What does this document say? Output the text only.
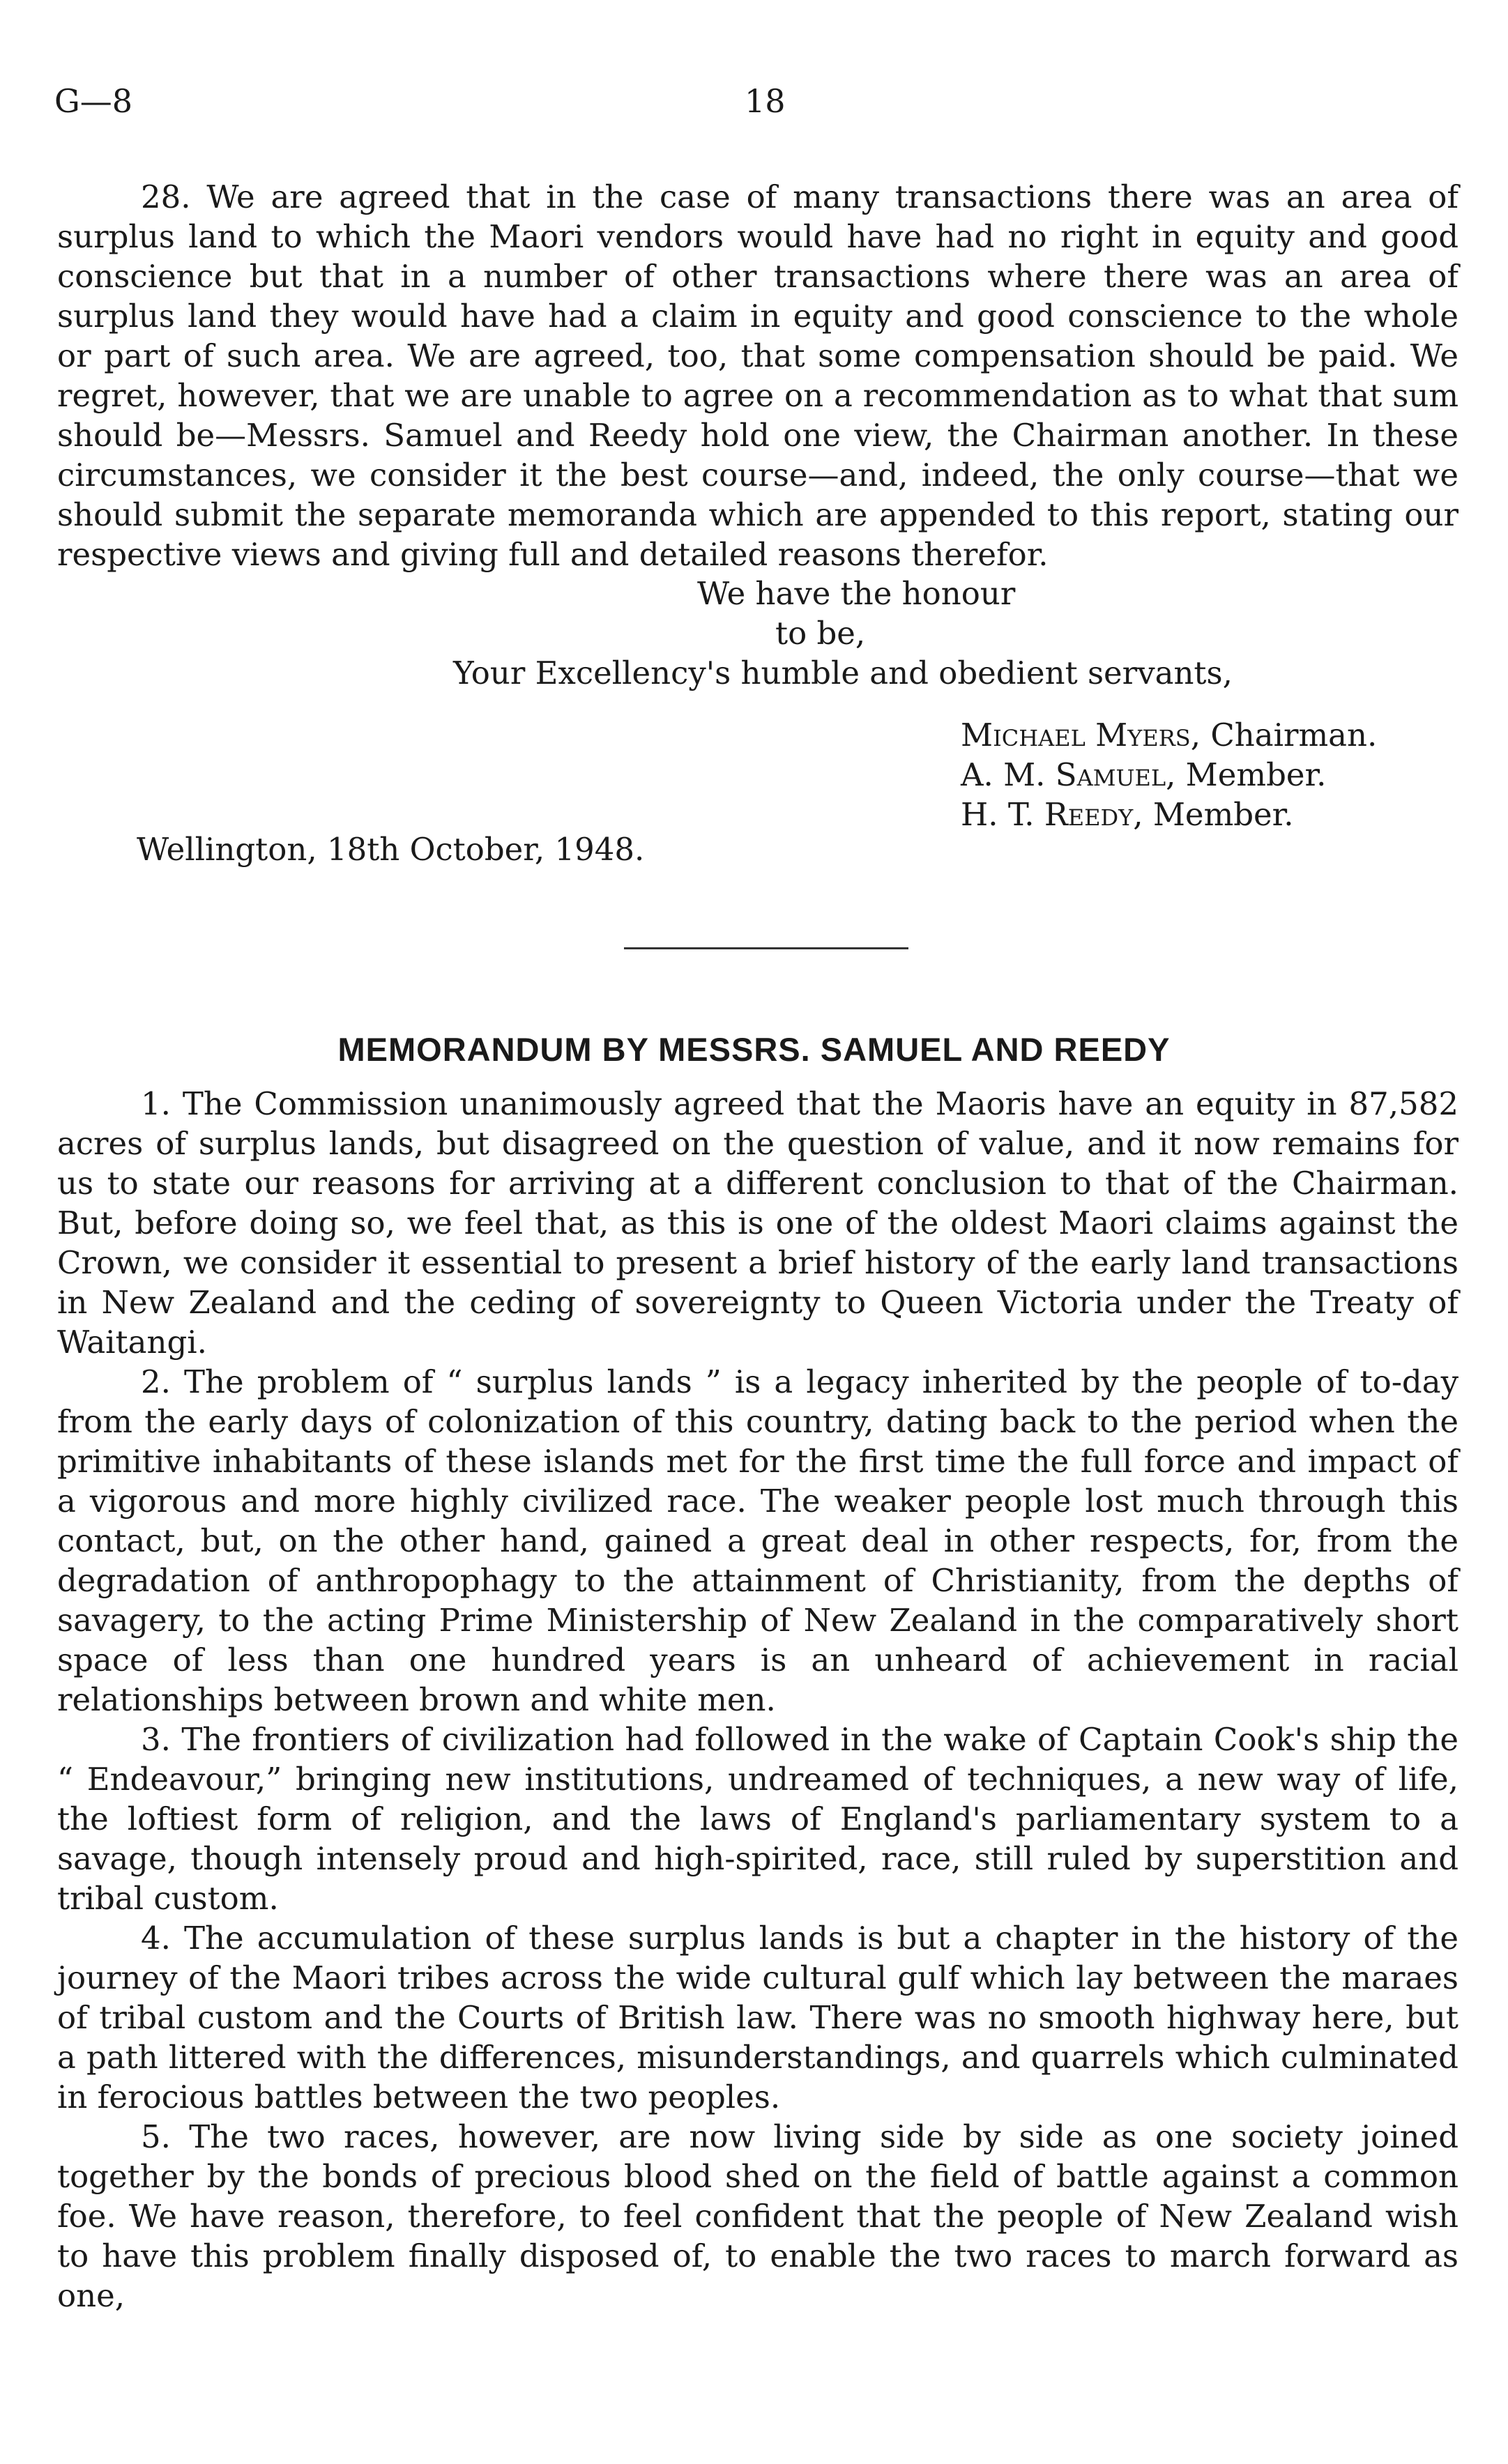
G—8	18

28. We are agreed that in the case of many transactions there was an area of surplus land to which the Maori vendors would have had no right in equity and good conscience but that in a number of other transactions where there was an area of surplus land they would have had a claim in equity and good conscience to the whole or part of such area. We are agreed, too, that some compensation should be paid. We regret, however, that we are unable to agree on a recommendation as to what that sum should be—Messrs. Samuel and Reedy hold one view, the Chairman another. In these circumstances, we consider it the best course—and, indeed, the only course—that we should submit the separate memoranda which are appended to this report, stating our respective views and giving full and detailed reasons therefor.

We have the honour
to be,
Your Excellency's humble and obedient servants,
Michael Myers, Chairman.
A. M. Samuel, Member.
H. T. Reedy, Member.
Wellington, 18th October, 1948.
MEMORANDUM BY MESSRS. SAMUEL AND REEDY

1. The Commission unanimously agreed that the Maoris have an equity in 87,582 acres of surplus lands, but disagreed on the question of value, and it now remains for us to state our reasons for arriving at a different conclusion to that of the Chairman. But, before doing so, we feel that, as this is one of the oldest Maori claims against the Crown, we consider it essential to present a brief history of the early land transactions in New Zealand and the ceding of sovereignty to Queen Victoria under the Treaty of Waitangi.

2. The problem of “ surplus lands ” is a legacy inherited by the people of to-day from the early days of colonization of this country, dating back to the period when the primitive inhabitants of these islands met for the first time the full force and impact of a vigorous and more highly civilized race. The weaker people lost much through this contact, but, on the other hand, gained a great deal in other respects, for, from the degradation of anthropophagy to the attainment of Christianity, from the depths of savagery, to the acting Prime Ministership of New Zealand in the comparatively short space of less than one hundred years is an unheard of achievement in racial relationships between brown and white men.

3. The frontiers of civilization had followed in the wake of Captain Cook's ship the “ Endeavour,” bringing new institutions, undreamed of techniques, a new way of life, the loftiest form of religion, and the laws of England's parliamentary system to a savage, though intensely proud and high-spirited, race, still ruled by superstition and tribal custom.

4. The accumulation of these surplus lands is but a chapter in the history of the journey of the Maori tribes across the wide cultural gulf which lay between the maraes of tribal custom and the Courts of British law. There was no smooth highway here, but a path littered with the differences, misunderstandings, and quarrels which culminated in ferocious battles between the two peoples.

5. The two races, however, are now living side by side as one society joined together by the bonds of precious blood shed on the field of battle against a common foe. We have reason, therefore, to feel confident that the people of New Zealand wish to have this problem finally disposed of, to enable the two races to march forward as one,
